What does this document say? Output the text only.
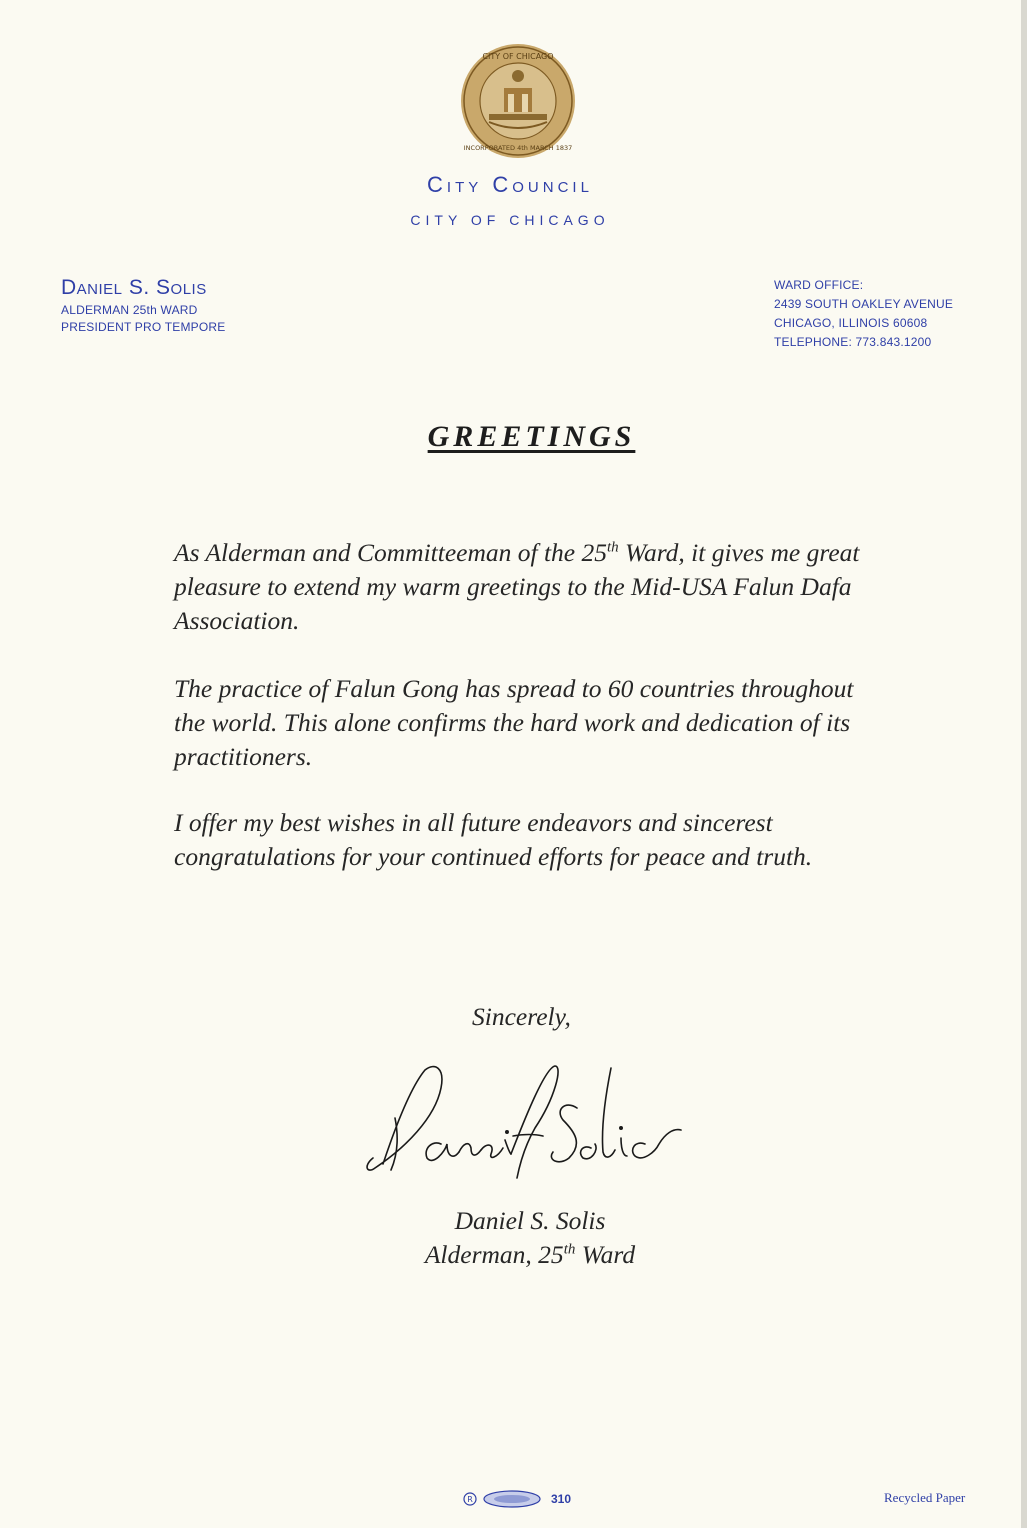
CITY OF CHICAGO
INCORPORATED 4th MARCH 1837
City Council
CITY OF CHICAGO
Daniel S. Solis
ALDERMAN 25th WARD
PRESIDENT PRO TEMPORE
WARD OFFICE:
2439 SOUTH OAKLEY AVENUE
CHICAGO, ILLINOIS 60608
TELEPHONE: 773.843.1200
GREETINGS
As Alderman and Committeeman of the 25th Ward, it gives me great pleasure to extend my warm greetings to the Mid-USA Falun Dafa Association.
The practice of Falun Gong has spread to 60 countries throughout the world. This alone confirms the hard work and dedication of its practitioners.
I offer my best wishes in all future endeavors and sincerest congratulations for your continued efforts for peace and truth.
Sincerely,
Daniel S. Solis
Alderman, 25th Ward
R	310	Recycled Paper
